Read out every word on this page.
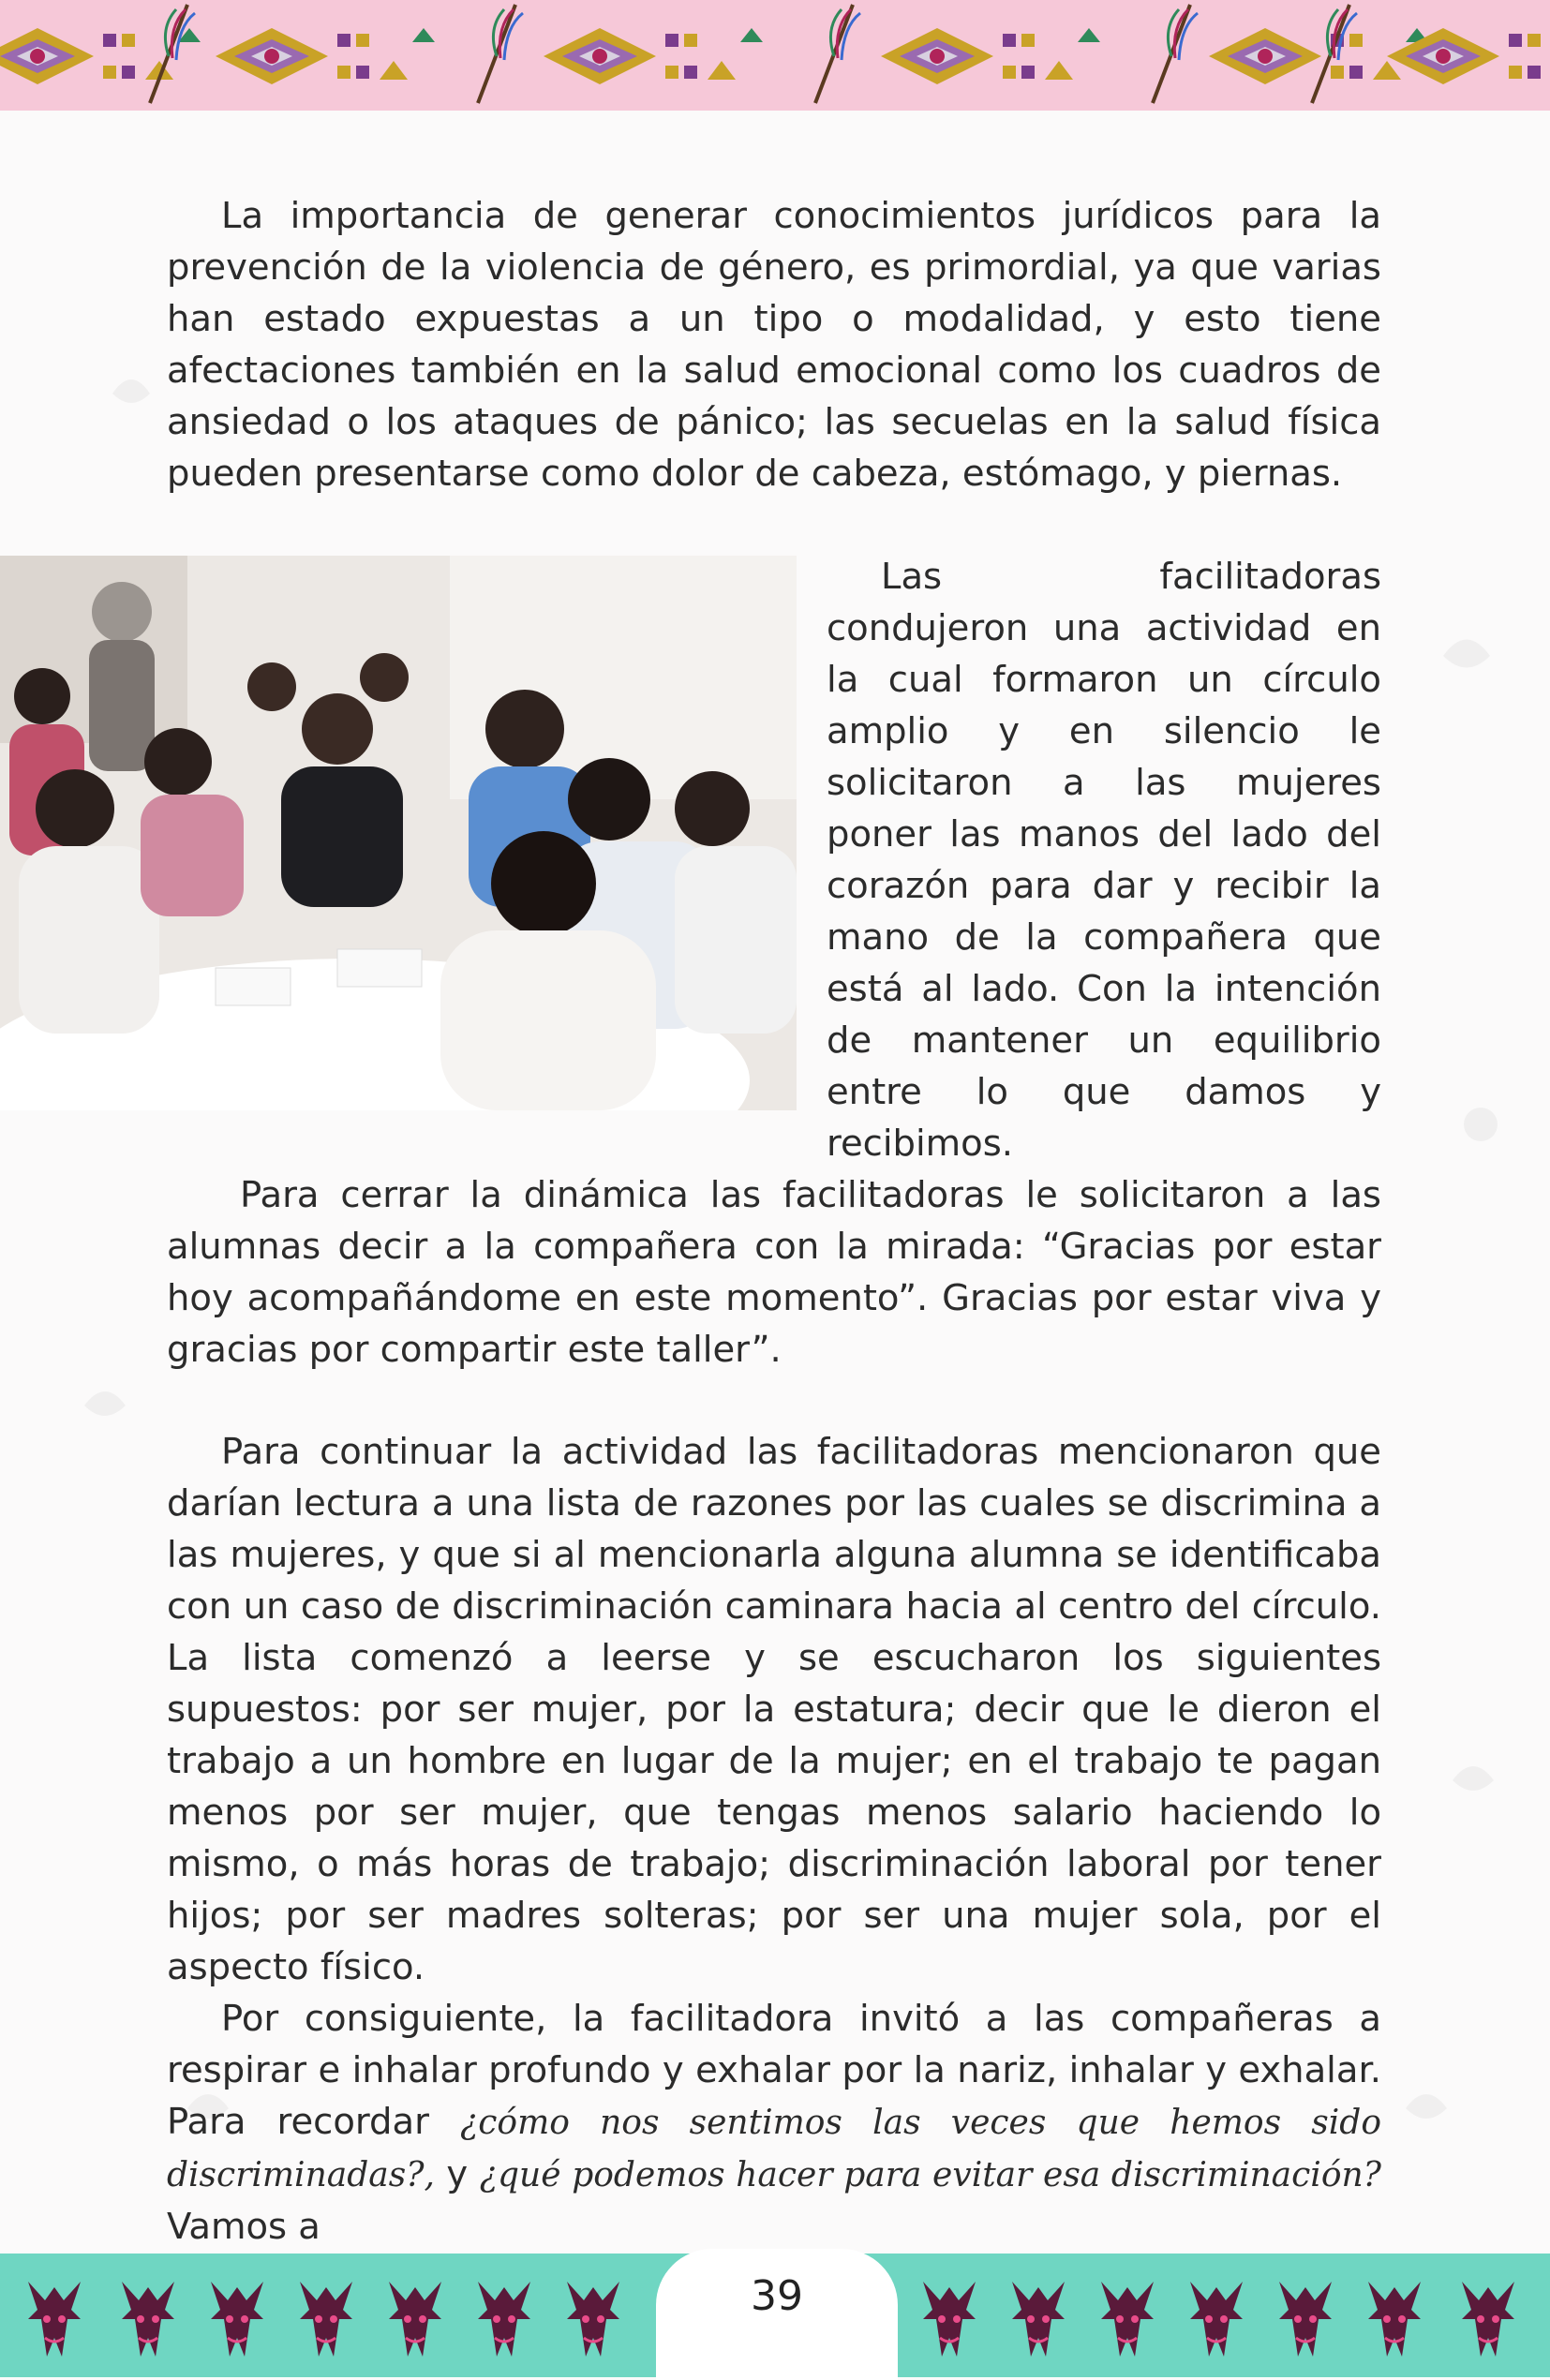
La importancia de generar conocimientos jurídicos para la prevención de la violencia de género, es primordial, ya que varias han estado expuestas a un tipo o modalidad, y esto tiene afectaciones también en la salud emocional como los cuadros de ansiedad o los ataques de pánico; las secuelas en la salud física pueden presentarse como dolor de cabeza, estómago, y piernas.

Las facilitadoras condujeron una actividad en la cual formaron un círculo amplio y en silencio le solicitaron a las mujeres poner las manos del lado del corazón para dar y recibir la mano de la compañera que está al lado. Con la intención de mantener un equilibrio entre lo que damos y recibimos.

Para cerrar la dinámica las facilitadoras le solicitaron a las alumnas decir a la compañera con la mirada: “Gracias por estar hoy acompañándome en este momento”. Gracias por estar viva y gracias por compartir este taller”.

Para continuar la actividad las facilitadoras mencionaron que darían lectura a una lista de razones por las cuales se discrimina a las mujeres, y que si al mencionarla alguna alumna se identificaba con un caso de discriminación caminara hacia al centro del círculo. La lista comenzó a leerse y se escucharon los siguientes supuestos: por ser mujer, por la estatura; decir que le dieron el trabajo a un hombre en lugar de la mujer; en el trabajo te pagan menos por ser mujer, que tengas menos salario haciendo lo mismo, o más horas de trabajo; discriminación laboral por tener hijos; por ser madres solteras; por ser una mujer sola, por el aspecto físico.

Por consiguiente, la facilitadora invitó a las compañeras a respirar e inhalar profundo y exhalar por la nariz, inhalar y exhalar. Para recordar ¿cómo nos sentimos las veces que hemos sido discriminadas?, y ¿qué podemos hacer para evitar esa discriminación? Vamos a

39
